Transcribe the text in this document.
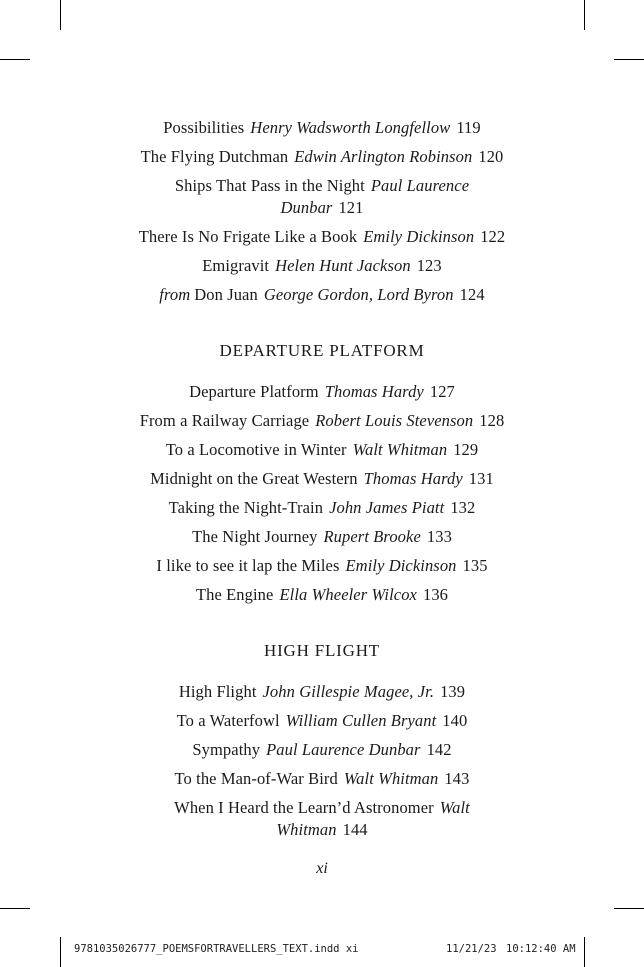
Possibilities Henry Wadsworth Longfellow 119
The Flying Dutchman Edwin Arlington Robinson 120
Ships That Pass in the Night Paul Laurence
Dunbar 121
There Is No Frigate Like a Book Emily Dickinson 122
Emigravit Helen Hunt Jackson 123
from Don Juan George Gordon, Lord Byron 124
DEPARTURE PLATFORM
Departure Platform Thomas Hardy 127
From a Railway Carriage Robert Louis Stevenson 128
To a Locomotive in Winter Walt Whitman 129
Midnight on the Great Western Thomas Hardy 131
Taking the Night-Train John James Piatt 132
The Night Journey Rupert Brooke 133
I like to see it lap the Miles Emily Dickinson 135
The Engine Ella Wheeler Wilcox 136
HIGH FLIGHT
High Flight John Gillespie Magee, Jr. 139
To a Waterfowl William Cullen Bryant 140
Sympathy Paul Laurence Dunbar 142
To the Man-of-War Bird Walt Whitman 143
When I Heard the Learn’d Astronomer Walt
Whitman 144
xi
9781035026777_POEMSFORTRAVELLERS_TEXT.indd xi	11/21/23 10:12:40 AM
